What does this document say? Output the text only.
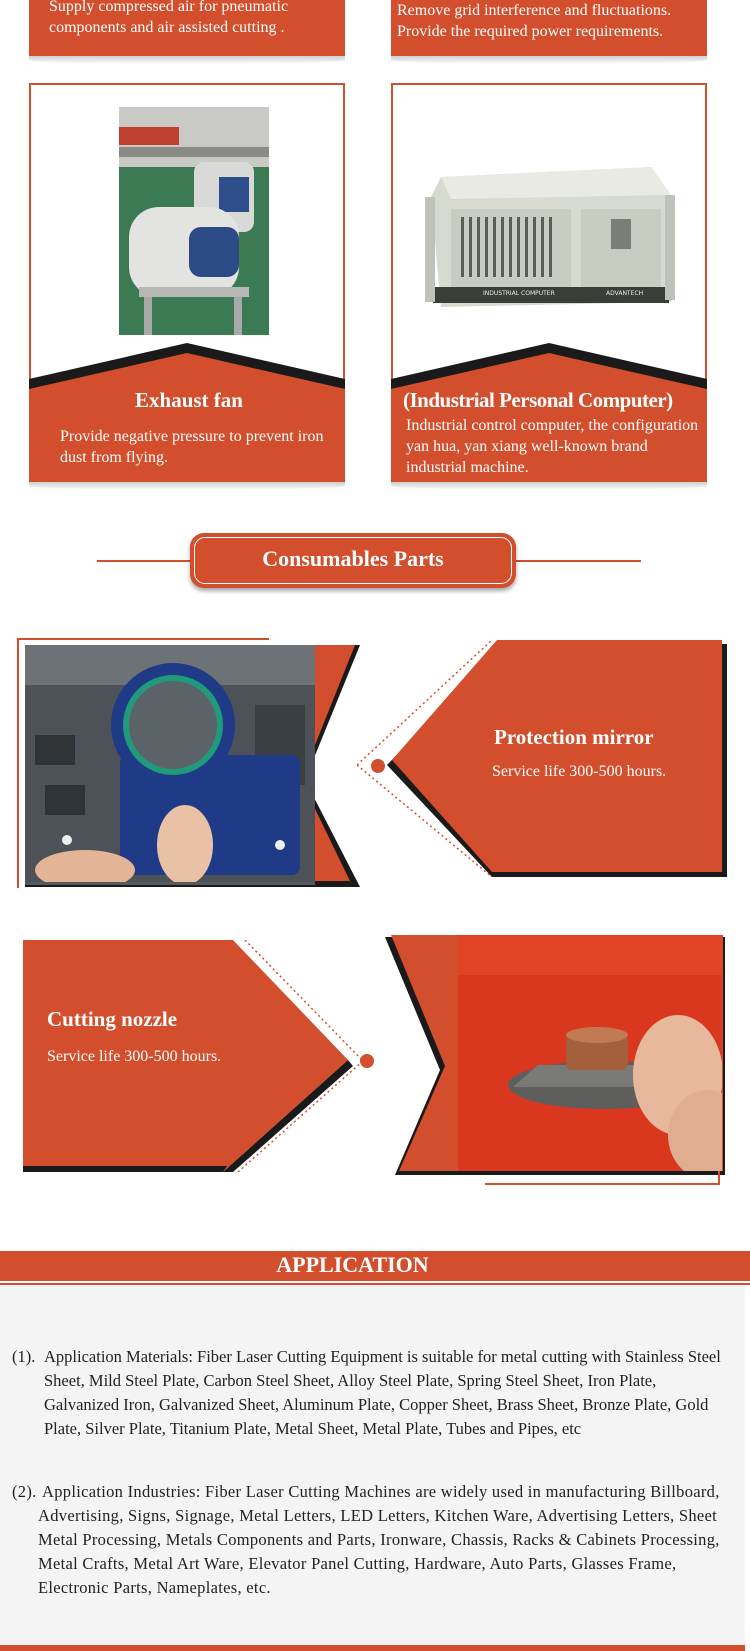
Supply compressed air for pneumatic components and air assisted cutting .
Remove grid interference and fluctuations. Provide the required power requirements.
Exhaust fan
Provide negative pressure to prevent iron dust from flying.
INDUSTRIAL COMPUTER	ADVANTECH
(Industrial Personal Computer)
Industrial control computer, the configuration yan hua, yan xiang well-known brand industrial machine.
Consumables Parts
Protection mirror
Service life 300-500 hours.
Cutting nozzle
Service life 300-500 hours.
APPLICATION
(1). Application Materials: Fiber Laser Cutting Equipment is suitable for metal cutting with Stainless Steel Sheet, Mild Steel Plate, Carbon Steel Sheet, Alloy Steel Plate, Spring Steel Sheet, Iron Plate, Galvanized Iron, Galvanized Sheet, Aluminum Plate, Copper Sheet, Brass Sheet, Bronze Plate, Gold Plate, Silver Plate, Titanium Plate, Metal Sheet, Metal Plate, Tubes and Pipes, etc
(2). Application Industries: Fiber Laser Cutting Machines are widely used in manufacturing Billboard, Advertising, Signs, Signage, Metal Letters, LED Letters, Kitchen Ware, Advertising Letters, Sheet Metal Processing, Metals Components and Parts, Ironware, Chassis, Racks & Cabinets Processing, Metal Crafts, Metal Art Ware, Elevator Panel Cutting, Hardware, Auto Parts, Glasses Frame, Electronic Parts, Nameplates, etc.
